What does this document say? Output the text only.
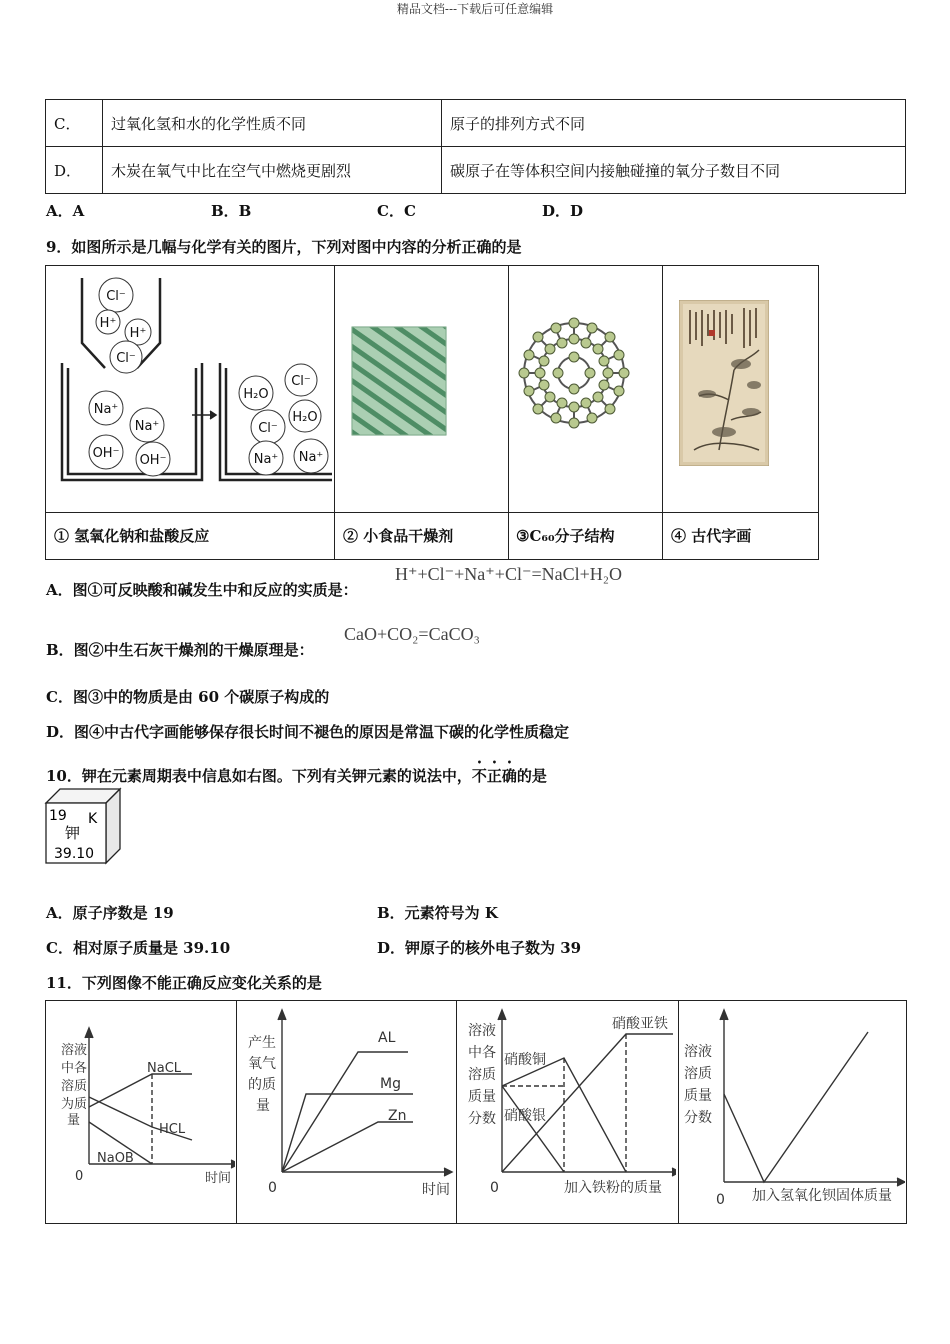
精品文档---下载后可任意编辑
C．	过氧化氢和水的化学性质不同	原子的排列方式不同
D．	木炭在氧气中比在空气中燃烧更剧烈	碳原子在等体积空间内接触碰撞的氧分子数目不同
A．A	B．B	C．C	D．D
9．如图所示是几幅与化学有关的图片，下列对图中内容的分析正确的是
Cl⁻
H⁺
H⁺
Cl⁻
Na⁺
Na⁺
OH⁻ OH⁻
H₂O
Cl⁻
H₂O
Cl⁻
Na⁺ Na⁺
① 氢氧化钠和盐酸反应	② 小食品干燥剂	③C₆₀分子结构	④ 古代字画
A．图①可反映酸和碱发生中和反应的实质是：
H⁺+Cl⁻+Na⁺+Cl⁻=NaCl+H₂O
B．图②中生石灰干燥剂的干燥原理是：
CaO+CO₂=CaCO₃
C．图③中的物质是由 60 个碳原子构成的
D．图④中古代字画能够保存很长时间不褪色的原因是常温下碳的化学性质稳定
10．钾在元素周期表中信息如右图。下列有关钾元素的说法中，不正确的是
19 K
钾
39.10
A．原子序数是 19	B．元素符号为 K
C．相对原子质量是 39.10	D．钾原子的核外电子数为 39
11．下列图像不能正确反应变化关系的是
溶液
中各
溶质
为质
量
NaCL
HCL
NaOB
0	时间
产生
氧气
的质
量
AL
Mg
Zn
0	时间
溶液
中各
溶质
质量
分数
硝酸亚铁
硝酸铜
硝酸银
0	加入铁粉的质量
溶液
溶质
质量
分数
0 加入氢氧化钡固体质量
